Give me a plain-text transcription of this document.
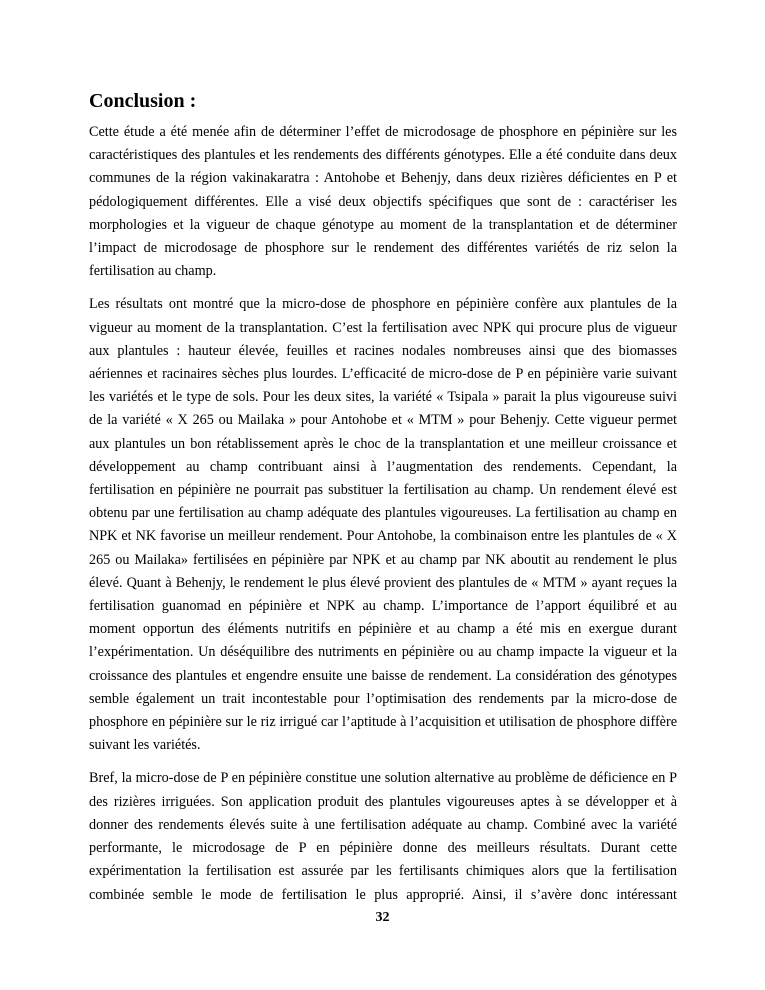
Conclusion :

Cette étude a été menée afin de déterminer l’effet de microdosage de phosphore en pépinière sur les caractéristiques des plantules et les rendements des différents génotypes. Elle a été conduite dans deux communes de la région vakinakaratra : Antohobe et Behenjy, dans deux rizières déficientes en P et pédologiquement différentes. Elle a visé deux objectifs spécifiques que sont de : caractériser les morphologies et la vigueur de chaque génotype au moment de la transplantation et de déterminer l’impact de microdosage de phosphore sur le rendement des différentes variétés de riz selon la fertilisation au champ.

Les résultats ont montré que la micro-dose de phosphore en pépinière confère aux plantules de la vigueur au moment de la transplantation. C’est la fertilisation avec NPK qui procure plus de vigueur aux plantules : hauteur élevée, feuilles et racines nodales nombreuses ainsi que des biomasses aériennes et racinaires sèches plus lourdes. L’efficacité de micro-dose de P en pépinière varie suivant les variétés et le type de sols. Pour les deux sites, la variété « Tsipala » parait la plus vigoureuse suivi de la variété « X 265 ou Mailaka » pour Antohobe et « MTM » pour Behenjy. Cette vigueur permet aux plantules un bon rétablissement après le choc de la transplantation et une meilleur croissance et développement au champ contribuant ainsi à l’augmentation des rendements. Cependant, la fertilisation en pépinière ne pourrait pas substituer la fertilisation au champ. Un rendement élevé est obtenu par une fertilisation au champ adéquate des plantules vigoureuses. La fertilisation au champ en NPK et NK favorise un meilleur rendement. Pour Antohobe, la combinaison entre les plantules de « X 265 ou Mailaka» fertilisées en pépinière par NPK et au champ par NK aboutit au rendement le plus élevé. Quant à Behenjy, le rendement le plus élevé provient des plantules de « MTM » ayant reçues la fertilisation guanomad en pépinière et NPK au champ. L’importance de l’apport équilibré et au moment opportun des éléments nutritifs en pépinière et au champ a été mis en exergue durant l’expérimentation. Un déséquilibre des nutriments en pépinière ou au champ impacte la vigueur et la croissance des plantules et engendre ensuite une baisse de rendement. La considération des génotypes semble également un trait incontestable pour l’optimisation des rendements par la micro-dose de phosphore en pépinière sur le riz irrigué car l’aptitude à l’acquisition et utilisation de phosphore diffère suivant les variétés.

Bref, la micro-dose de P en pépinière constitue une solution alternative au problème de déficience en P des rizières irriguées. Son application produit des plantules vigoureuses aptes à se développer et à donner des rendements élevés suite à une fertilisation adéquate au champ. Combiné avec la variété performante, le microdosage de P en pépinière donne des meilleurs résultats. Durant cette expérimentation la fertilisation est assurée par les fertilisants chimiques alors que la fertilisation combinée semble le mode de fertilisation le plus approprié. Ainsi, il s’avère donc intéressant

32
